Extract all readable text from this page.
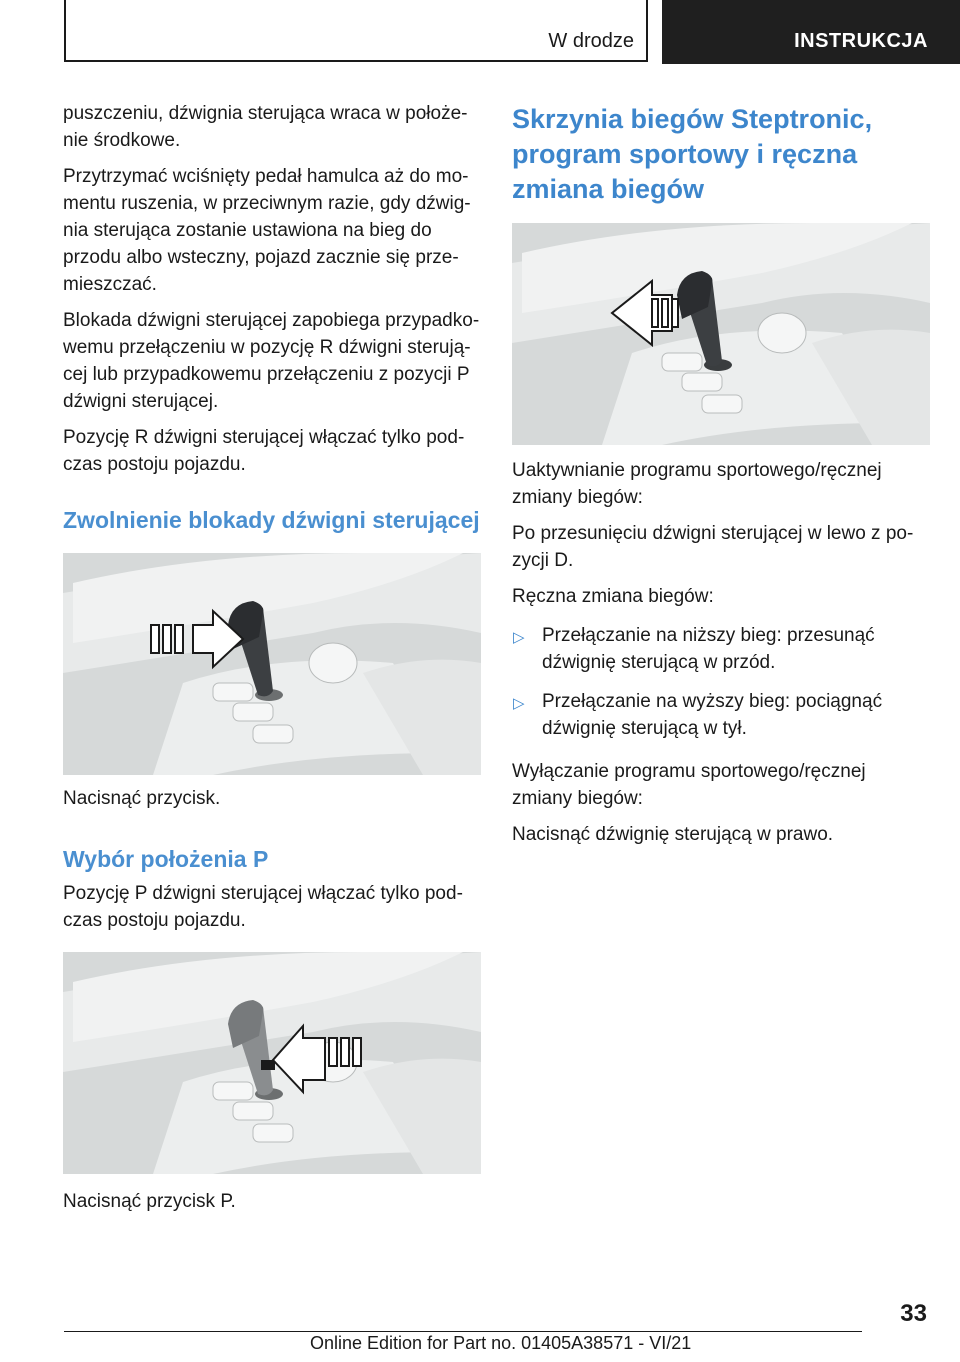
W drodze	INSTRUKCJA

puszczeniu, dźwignia sterująca wraca w położenie środkowe.

Przytrzymać wciśnięty pedał hamulca aż do momentu ruszenia, w przeciwnym razie, gdy dźwignia sterująca zostanie ustawiona na bieg do przodu albo wsteczny, pojazd zacznie się przemieszczać.

Blokada dźwigni sterującej zapobiega przypadkowemu przełączeniu w pozycję R dźwigni sterującej lub przypadkowemu przełączeniu z pozycji P dźwigni sterującej.

Pozycję R dźwigni sterującej włączać tylko podczas postoju pojazdu.

Zwolnienie blokady dźwigni sterującej

Nacisnąć przycisk.

Wybór położenia P

Pozycję P dźwigni sterującej włączać tylko podczas postoju pojazdu.

Nacisnąć przycisk P.

Skrzynia biegów Steptronic, program sportowy i ręczna zmiana biegów

Uaktywnianie programu sportowego/ręcznej zmiany biegów:

Po przesunięciu dźwigni sterującej w lewo z pozycji D.

Ręczna zmiana biegów:

▷ Przełączanie na niższy bieg: przesunąć dźwignię sterującą w przód.
▷ Przełączanie na wyższy bieg: pociągnąć dźwignię sterującą w tył.

Wyłączanie programu sportowego/ręcznej zmiany biegów:

Nacisnąć dźwignię sterującą w prawo.

33
Online Edition for Part no. 01405A38571 - VI/21
